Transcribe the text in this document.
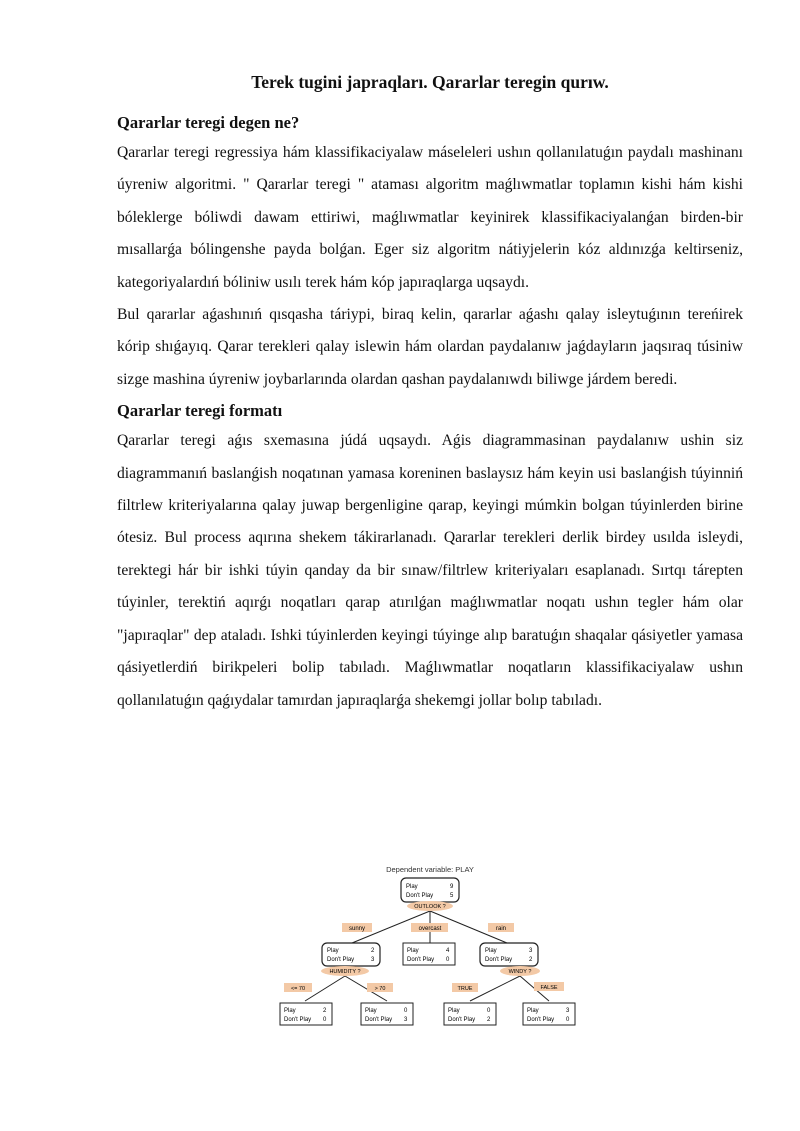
Terek tugini japraqları. Qararlar teregin qurıw.
Qararlar teregi degen ne?

Qararlar teregi regressiya hám klassifikaciyalaw máseleleri ushın qollanılatuǵın paydalı mashinanı úyreniw algoritmi. " Qararlar teregi " ataması algoritm maǵlıwmatlar toplamın kishi hám kishi bóleklerge bóliwdi dawam ettiriwi, maǵlıwmatlar keyinirek klassifikaciyalanǵan birden-bir mısallarǵa bólingenshe payda bolǵan. Eger siz algoritm nátiyjelerin kóz aldınızǵa keltirseniz, kategoriyalardıń bóliniw usılı terek hám kóp japıraqlarga uqsaydı.

Bul qararlar aǵashınıń qısqasha táriypi, biraq kelin, qararlar aǵashı qalay isleytuǵının tereńirek kórip shıǵayıq. Qarar terekleri qalay islewin hám olardan paydalanıw jaǵdayların jaqsıraq túsiniw sizge mashina úyreniw joybarlarında olardan qashan paydalanıwdı biliwge járdem beredi.

Qararlar teregi formatı

Qararlar teregi aǵıs sxemasına júdá uqsaydı. Aǵis diagrammasinan paydalanıw ushin siz diagrammanıń baslanǵish noqatınan yamasa koreninen baslaysız hám keyin usi baslanǵish túyinniń filtrlew kriteriyalarına qalay juwap bergenligine qarap, keyingi múmkin bolgan túyinlerden birine ótesiz. Bul process aqırına shekem tákirarlanadı. Qararlar terekleri derlik birdey usılda isleydi, terektegi hár bir ishki túyin qanday da bir sınaw/filtrlew kriteriyaları esaplanadı. Sırtqı tárepten túyinler, terektiń aqırǵı noqatları qarap atırılǵan maǵlıwmatlar noqatı ushın tegler hám olar "japıraqlar" dep ataladı. Ishki túyinlerden keyingi túyinge alıp baratuǵın shaqalar qásiyetler yamasa qásiyetlerdiń birikpeleri bolip tabıladı. Maǵlıwmatlar noqatların klassifikaciyalaw ushın qollanılatuǵın qaǵıydalar tamırdan japıraqlarǵa shekemgi jollar bolıp tabıladı.

Dependent variable: PLAY
Play	9
Don't Play	5
OUTLOOK ?
sunny	overcast	rain
Play	2
Don't Play	3
HUMIDITY ?
Play	4
Don't Play 0
Play	3
Don't Play	2
WINDY ?
<= 70	> 70	TRUE	FALSE
Play	2
Don't Play 0
Play	0
Don't Play 3
Play	0
Don't Play 2
Play	3
Don't Play 0
